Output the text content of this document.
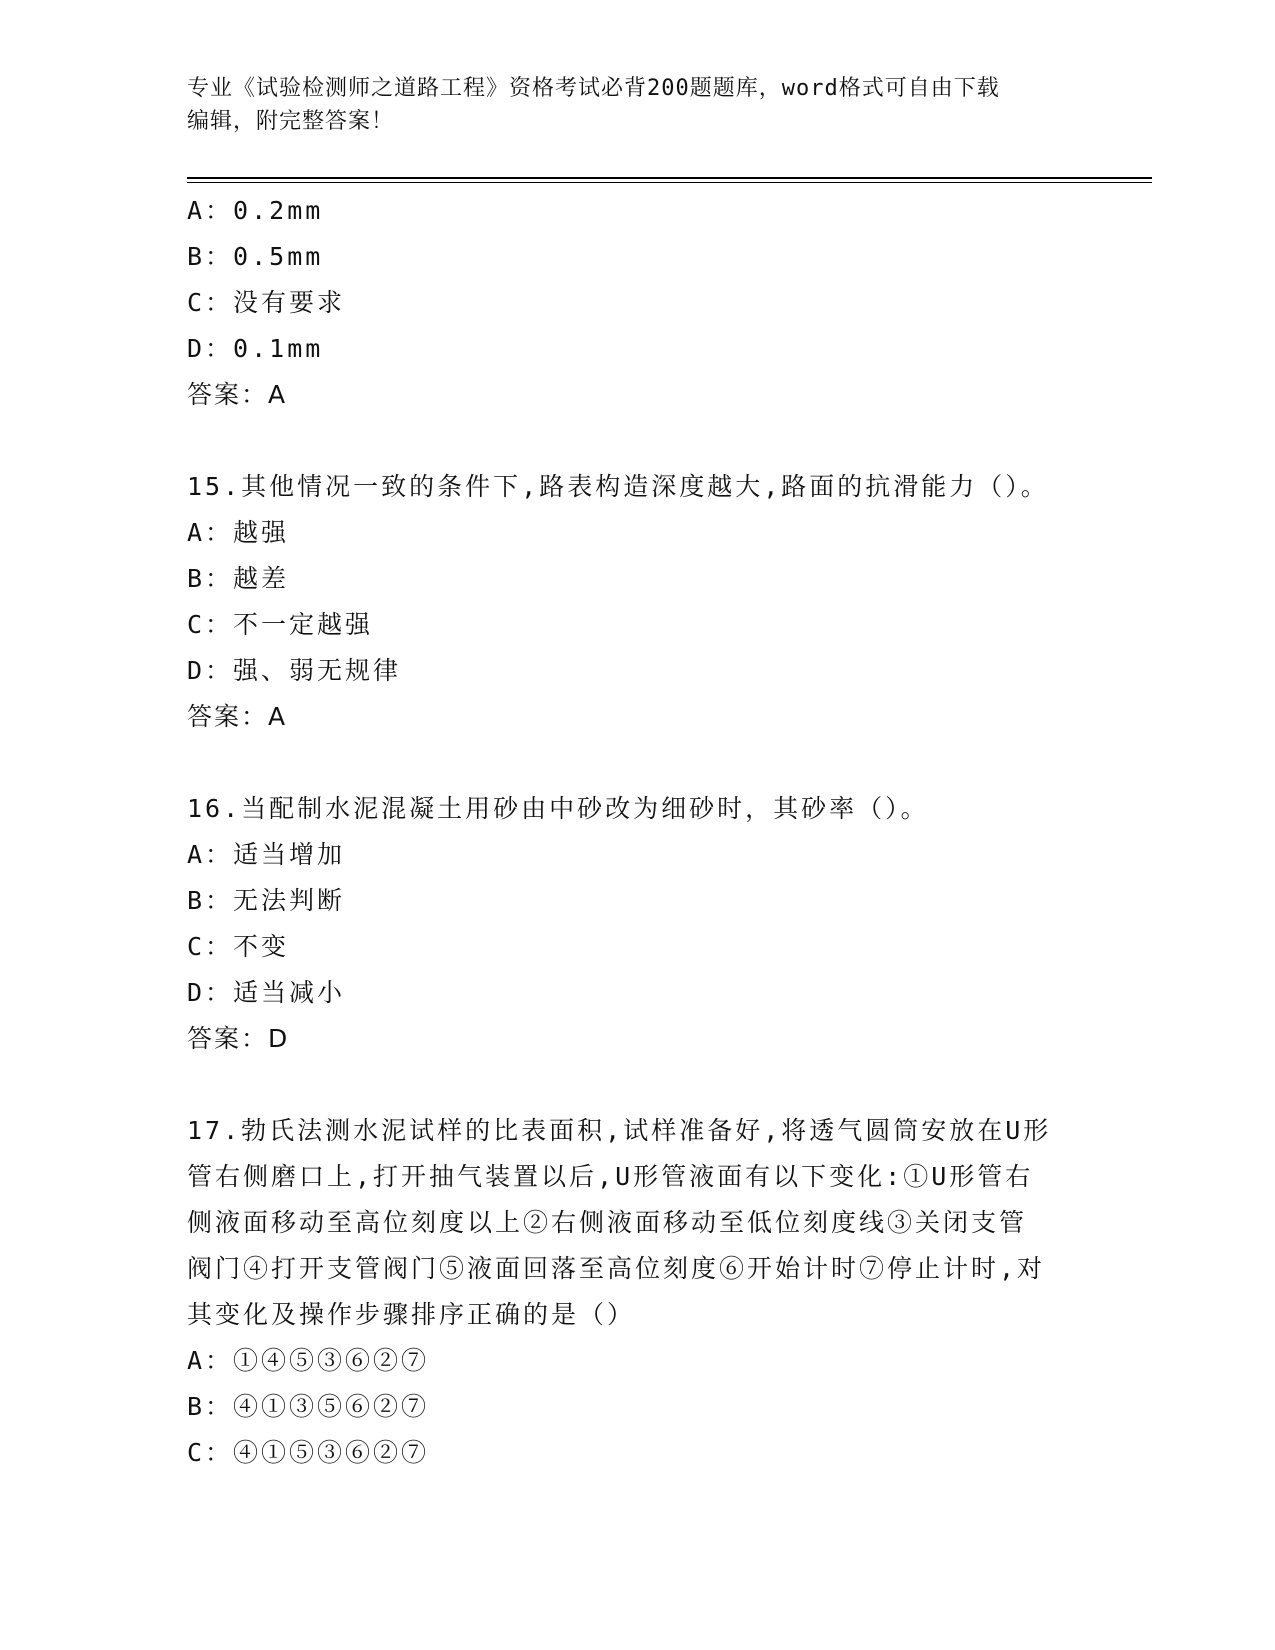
专业《试验检测师之道路工程》资格考试必背200题题库，word格式可自由下载
编辑，附完整答案！
A：0.2mm
B：0.5mm
C：没有要求
D：0.1mm
答案：A
15.其他情况一致的条件下,路表构造深度越大,路面的抗滑能力（）。
A：越强
B：越差
C：不一定越强
D：强、弱无规律
答案：A
16.当配制水泥混凝土用砂由中砂改为细砂时，其砂率（）。
A：适当增加
B：无法判断
C：不变
D：适当减小
答案：D
17.勃氏法测水泥试样的比表面积,试样准备好,将透气圆筒安放在U形
管右侧磨口上,打开抽气装置以后,U形管液面有以下变化:①U形管右
侧液面移动至高位刻度以上②右侧液面移动至低位刻度线③关闭支管
阀门④打开支管阀门⑤液面回落至高位刻度⑥开始计时⑦停止计时,对
其变化及操作步骤排序正确的是（）
A：①④⑤③⑥②⑦
B：④①③⑤⑥②⑦
C：④①⑤③⑥②⑦
